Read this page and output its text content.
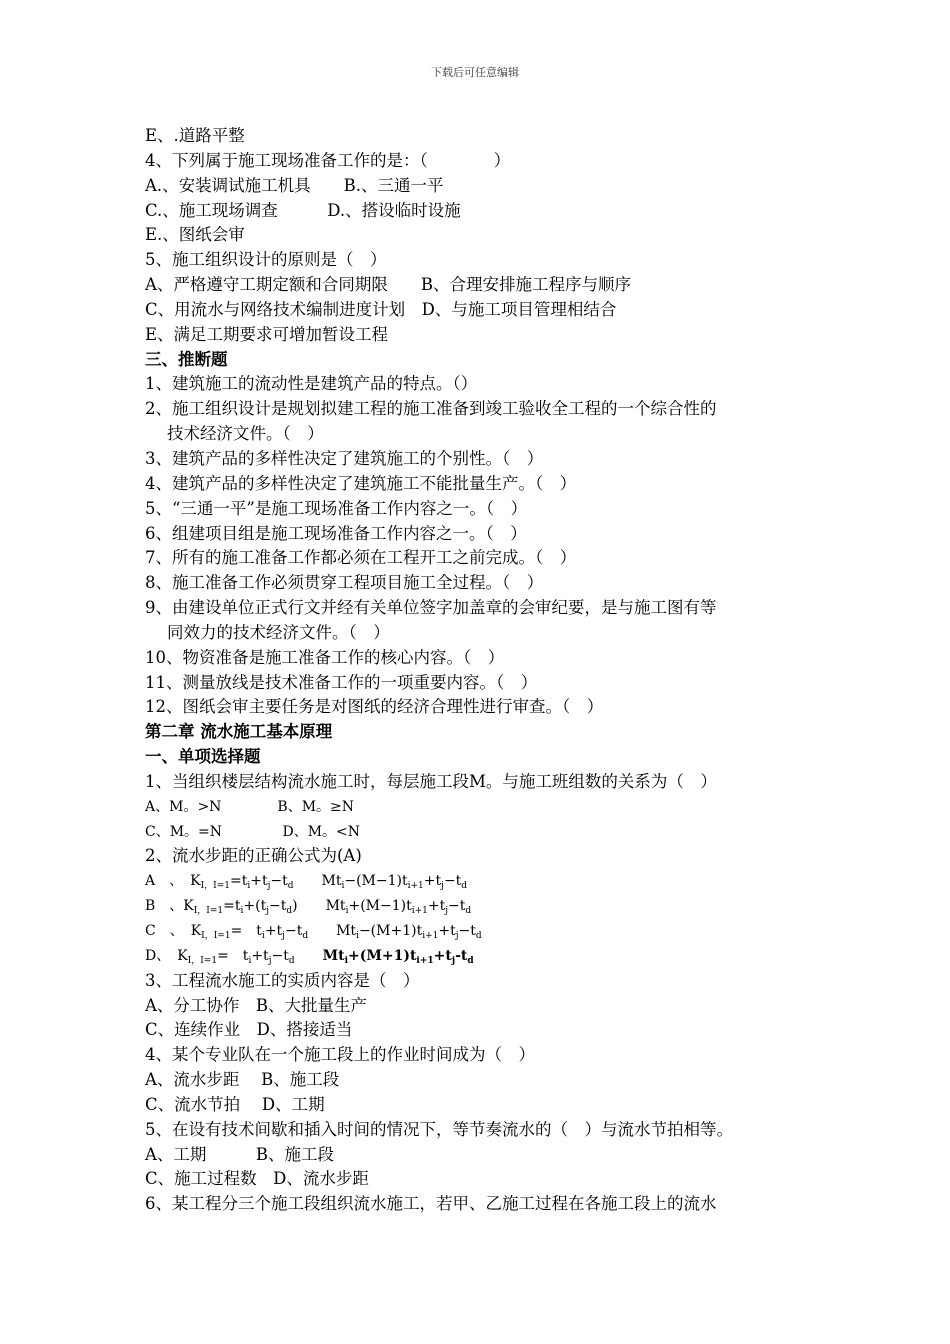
下载后可任意编辑
E、.道路平整
4、下列属于施工现场准备工作的是：（　　　　）
A.、安装调试施工机具　　B.、三通一平
C.、施工现场调查　　　D.、搭设临时设施
E.、图纸会审
5、施工组织设计的原则是（　）
A、严格遵守工期定额和合同期限　　B、合理安排施工程序与顺序
C、用流水与网络技术编制进度计划　D、与施工项目管理相结合
E、满足工期要求可增加暂设工程
三、推断题
1、建筑施工的流动性是建筑产品的特点。（）
2、施工组织设计是规划拟建工程的施工准备到竣工验收全工程的一个综合性的
技术经济文件。（　）
3、建筑产品的多样性决定了建筑施工的个别性。（　）
4、建筑产品的多样性决定了建筑施工不能批量生产。（　）
5、“三通一平”是施工现场准备工作内容之一。（　）
6、组建项目组是施工现场准备工作内容之一。（　）
7、所有的施工准备工作都必须在工程开工之前完成。（　）
8、施工准备工作必须贯穿工程项目施工全过程。（　）
9、由建设单位正式行文并经有关单位签字加盖章的会审纪要，是与施工图有等
同效力的技术经济文件。（　）
10、物资准备是施工准备工作的核心内容。（　）
11、测量放线是技术准备工作的一项重要内容。（　）
12、图纸会审主要任务是对图纸的经济合理性进行审查。（　）
第二章 流水施工基本原理
一、单项选择题
1、当组织楼层结构流水施工时，每层施工段M。与施工班组数的关系为（　）
A、M。>N　　　　B、M。≥N
C、M。=N　　　　 D、M。<N
2、流水步距的正确公式为(A)
A　、　$K_{I,I=1}=t_i+t_j-t_d$　　 $Mt_i-(M-1)t_{i+1}+t_j-t_d$
B　、$K_{I,I=1}=t_i+(t_j-t_d)$　　$Mt_i+(M-1)t_{i+1}+t_j-t_d$
C　、　$K_{I,I=1}=$　$t_i+t_j-t_d$　　 $Mt_i-(M+1)t_{i+1}+t_j-t_d$
D、　$K_{I,I=1}=$　$t_i+t_j-t_d$　　 $Mt_i+(M+1)t_{i+1}+t_j-t_d$
3、工程流水施工的实质内容是（　）
A、分工协作　B、大批量生产
C、连续作业　D、搭接适当
4、某个专业队在一个施工段上的作业时间成为（　）
A、流水步距　 B、施工段
C、流水节拍　 D、工期
5、在设有技术间歇和插入时间的情况下，等节奏流水的（　）与流水节拍相等。
A、工期　　　B、施工段
C、施工过程数　D、流水步距
6、某工程分三个施工段组织流水施工，若甲、乙施工过程在各施工段上的流水
